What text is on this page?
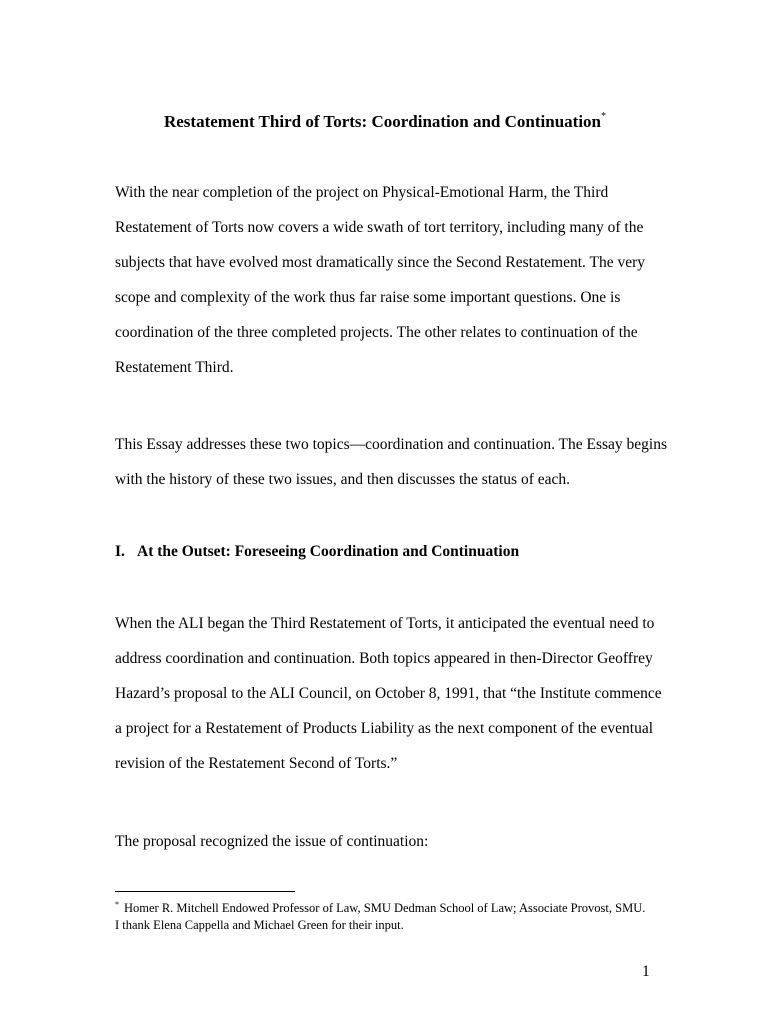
Restatement Third of Torts: Coordination and Continuation*

With the near completion of the project on Physical-Emotional Harm, the Third
Restatement of Torts now covers a wide swath of tort territory, including many of the
subjects that have evolved most dramatically since the Second Restatement. The very
scope and complexity of the work thus far raise some important questions. One is
coordination of the three completed projects. The other relates to continuation of the
Restatement Third.

This Essay addresses these two topics—coordination and continuation. The Essay begins
with the history of these two issues, and then discusses the status of each.

I. At the Outset: Foreseeing Coordination and Continuation

When the ALI began the Third Restatement of Torts, it anticipated the eventual need to
address coordination and continuation. Both topics appeared in then-Director Geoffrey
Hazard’s proposal to the ALI Council, on October 8, 1991, that “the Institute commence
a project for a Restatement of Products Liability as the next component of the eventual
revision of the Restatement Second of Torts.”

The proposal recognized the issue of continuation:

* Homer R. Mitchell Endowed Professor of Law, SMU Dedman School of Law; Associate Provost, SMU.
I thank Elena Cappella and Michael Green for their input.
1
